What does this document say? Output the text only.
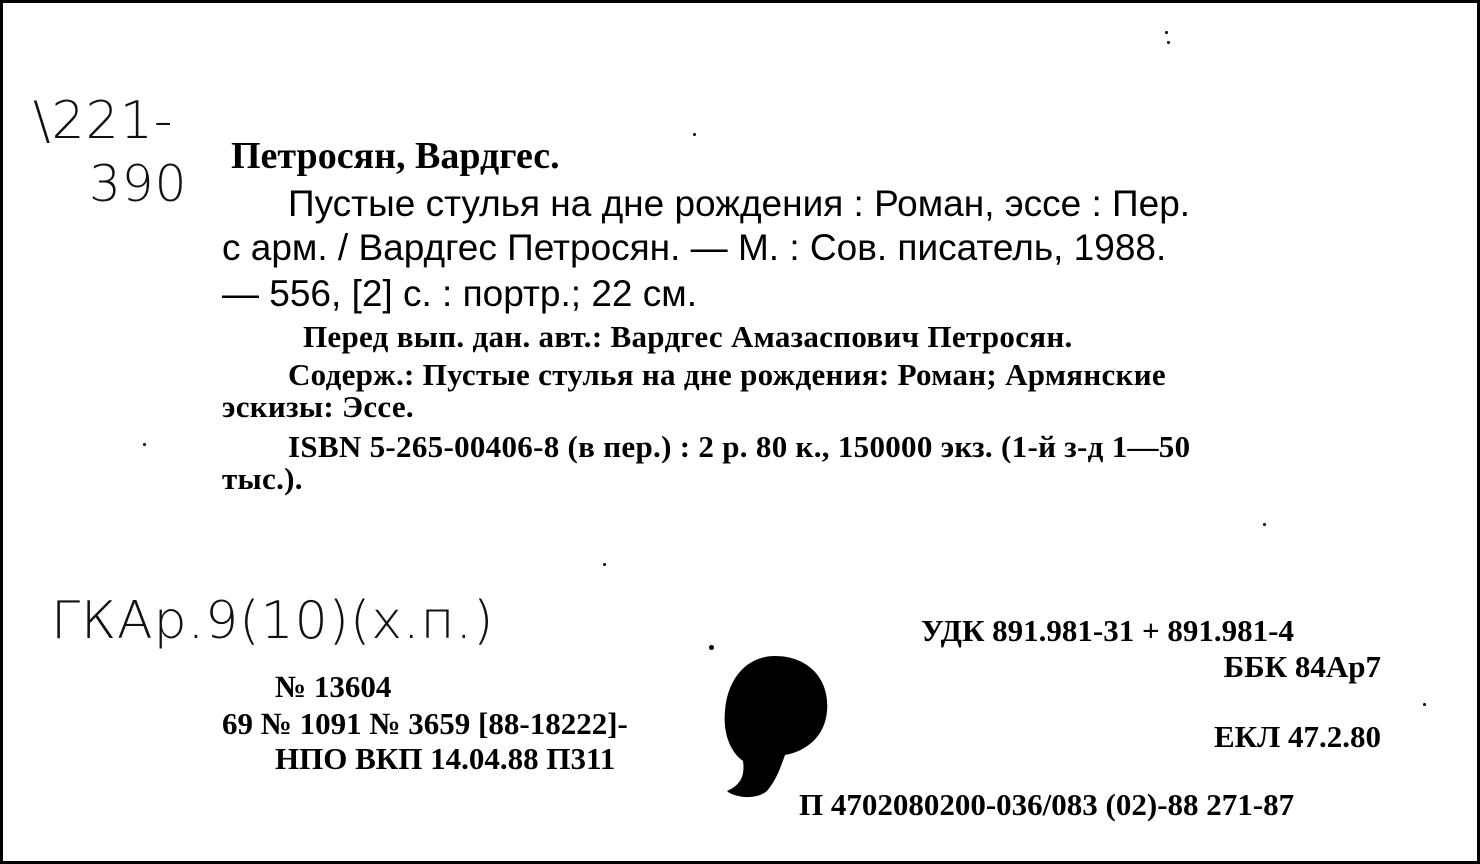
\221-
390 Петросян, Вардгес.
Пустые стулья на дне рождения : Роман, эссе : Пер.
с арм. / Вардгес Петросян. — М. : Сов. писатель, 1988.
— 556, [2] с. : портр.; 22 см.
Перед вып. дан. авт.: Вардгес Амазаспович Петросян.
Содерж.: Пустые стулья на дне рождения: Роман; Армянские
эскизы: Эссе.
ISBN 5-265-00406-8 (в пер.) : 2 р. 80 к., 150000 экз. (1-й з-д 1—50
тыс.).
ГКАр.9(10)(х.п.)
№ 13604
69 № 1091 № 3659 [88-18222]-
НПО ВКП 14.04.88 П311
УДК 891.981-31 + 891.981-4
ББК 84Ар7
ЕКЛ 47.2.80
П 4702080200-036/083 (02)-88 271-87
